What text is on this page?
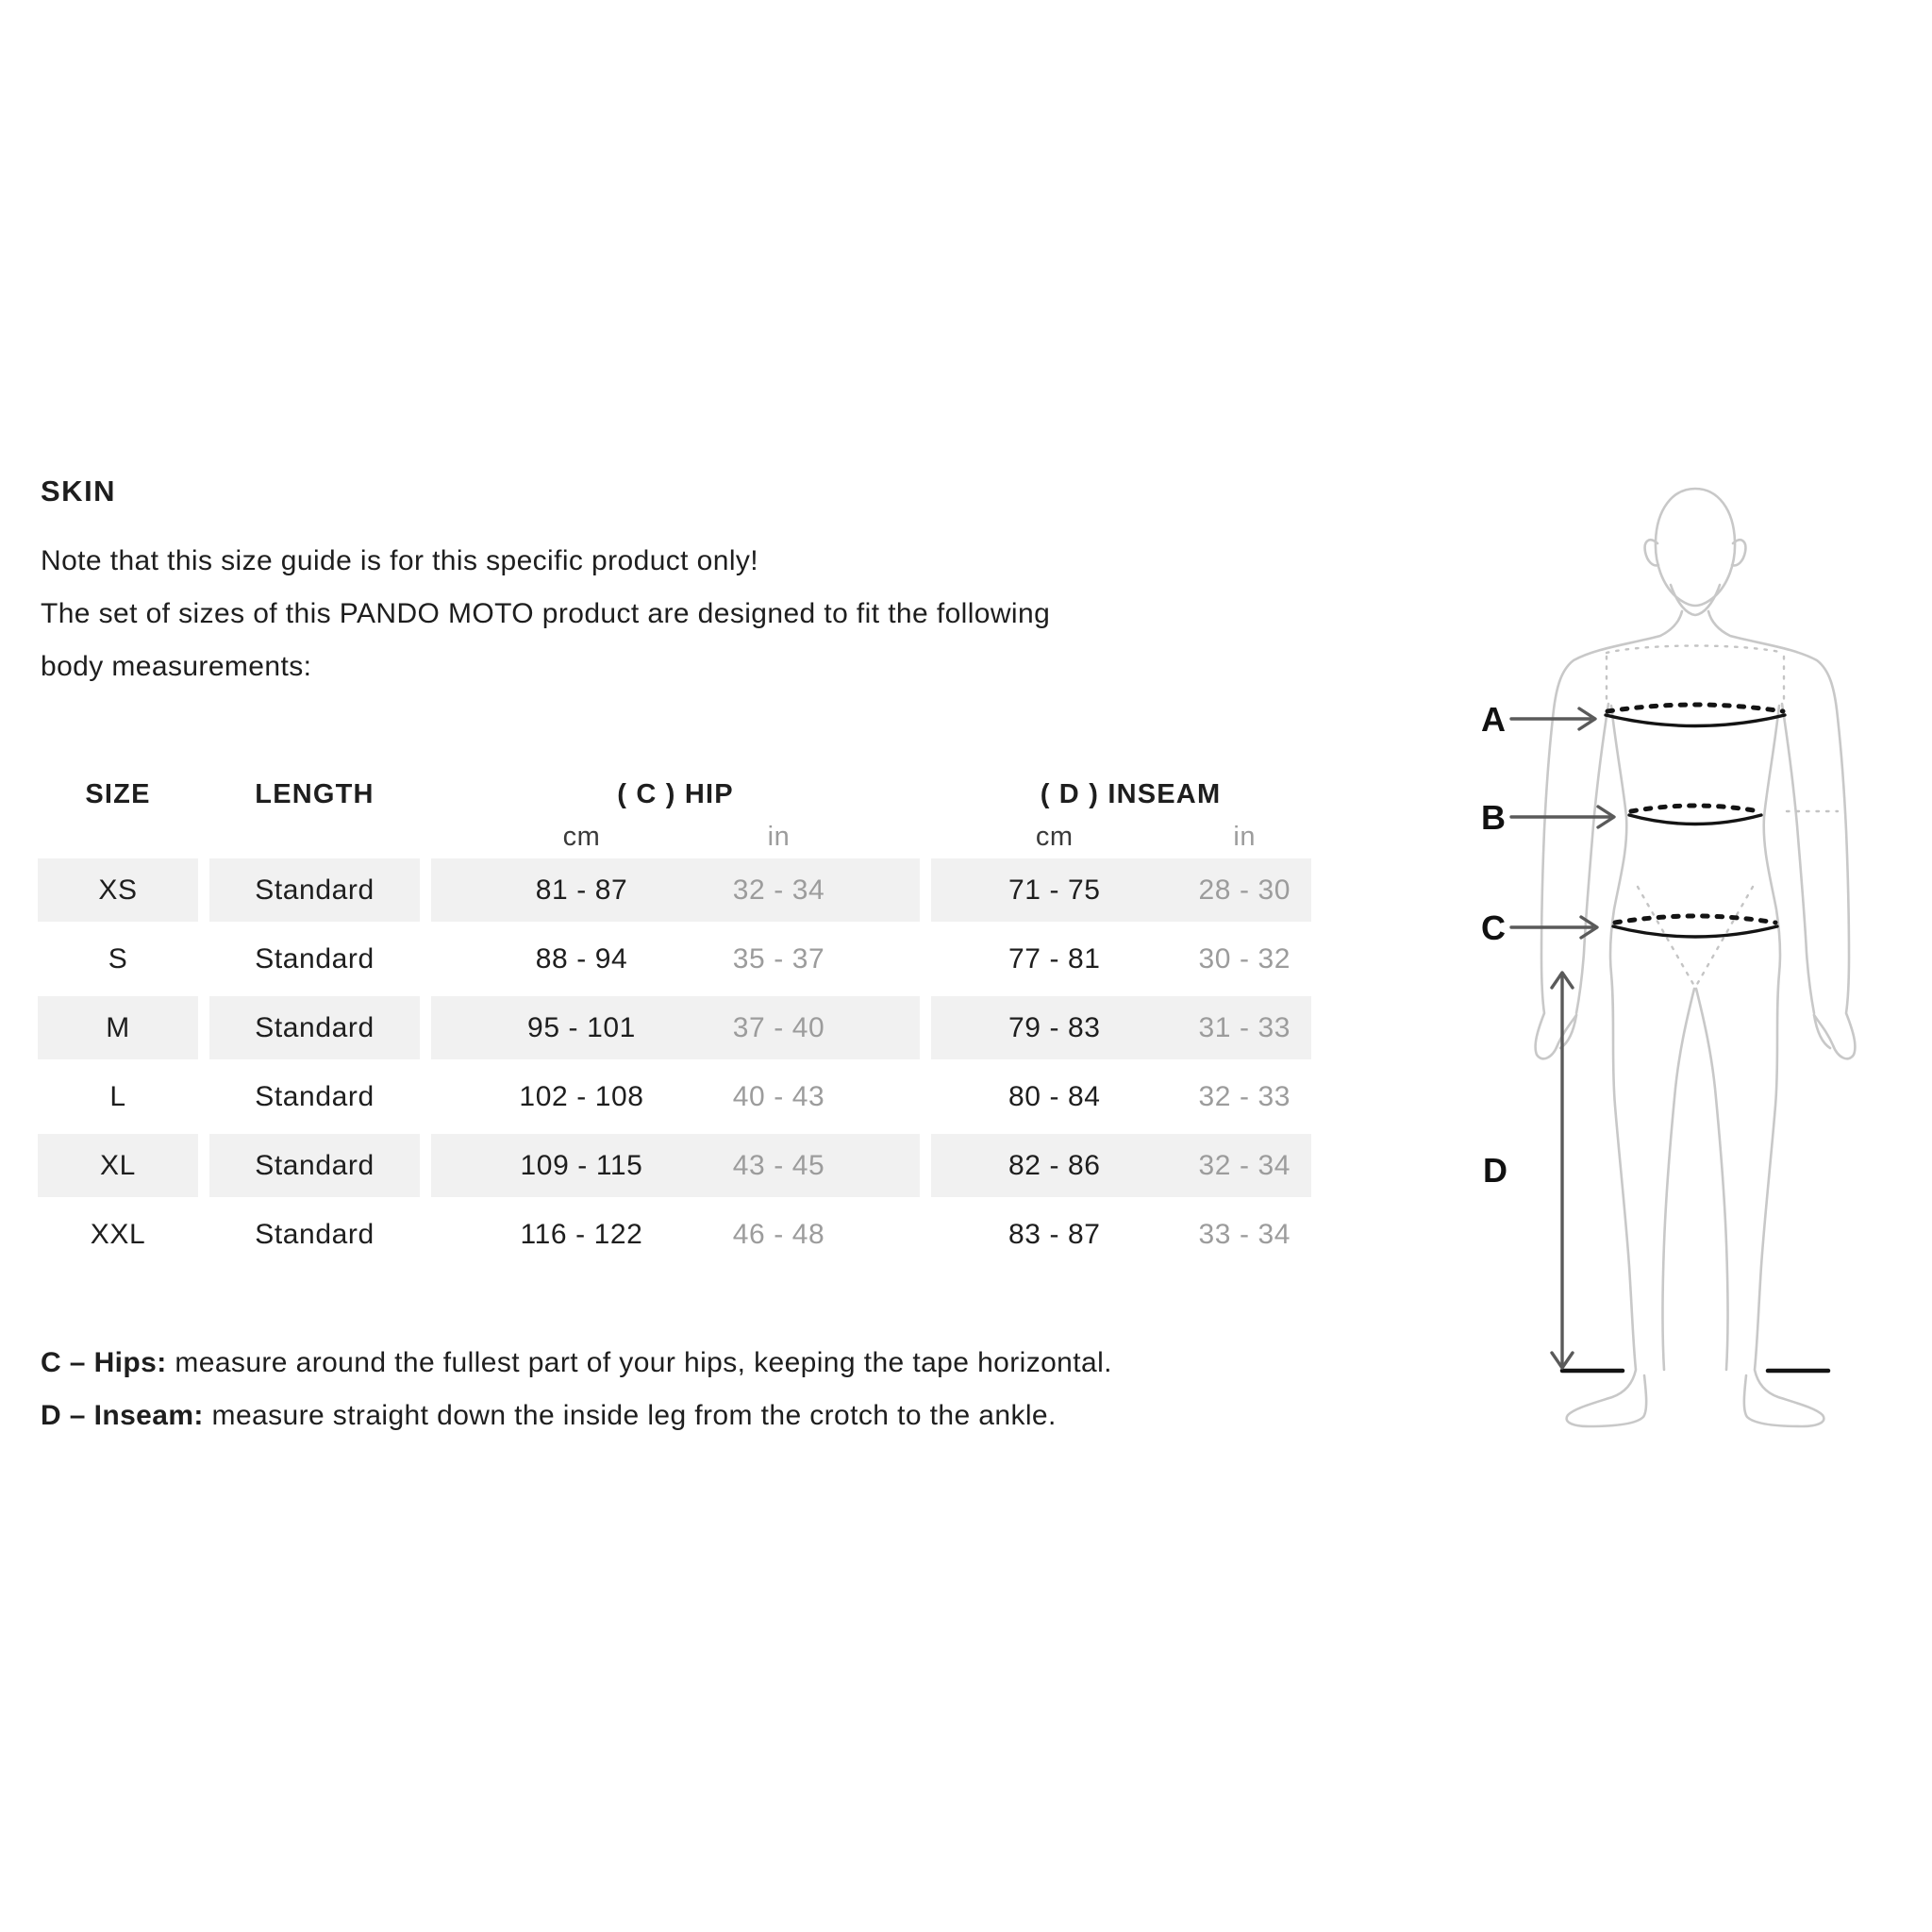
SKIN
Note that this size guide is for this specific product only!
The set of sizes of this PANDO MOTO product are designed to fit the following
body measurements:
SIZE	LENGTH	( C ) HIP	( D ) INSEAM
cm	in	cm	in
XS	Standard	81 - 87	32 - 34	71 - 75	28 - 30
S	Standard	88 - 94	35 - 37	77 - 81	30 - 32
M	Standard	95 - 101	37 - 40	79 - 83	31 - 33
L	Standard	102 - 108	40 - 43	80 - 84	32 - 33
XL	Standard	109 - 115	43 - 45	82 - 86	32 - 34
XXL	Standard	116 - 122	46 - 48	83 - 87	33 - 34
C – Hips: measure around the fullest part of your hips, keeping the tape horizontal.
D – Inseam: measure straight down the inside leg from the crotch to the ankle.
A
B
C
D
